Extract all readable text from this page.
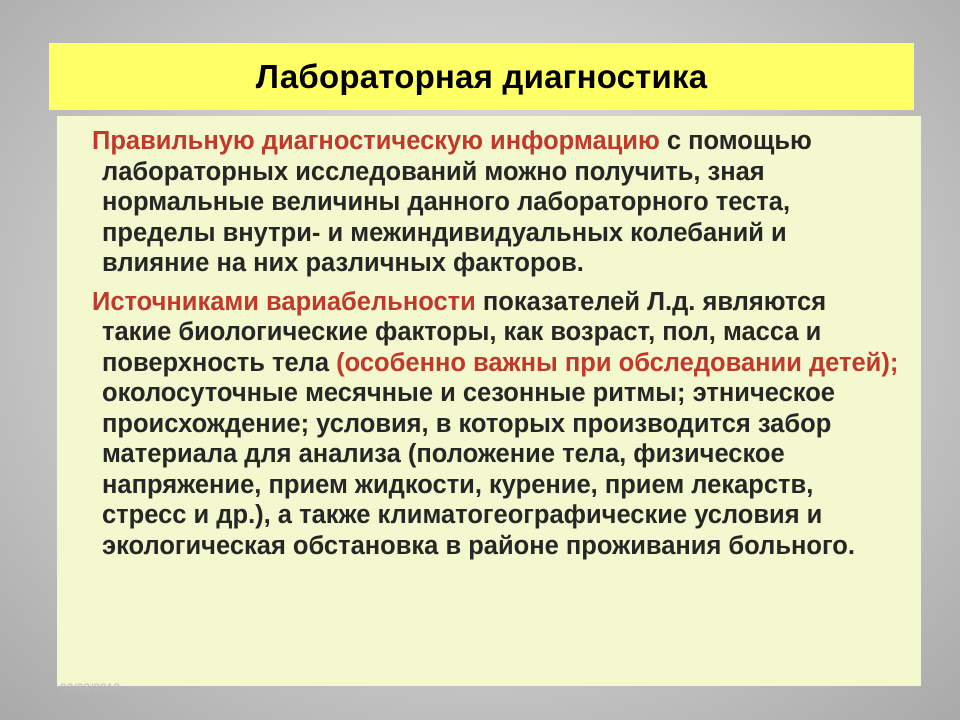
Лабораторная диагностика

Правильную диагностическую информацию с помощью лабораторных исследований можно получить, зная нормальные величины данного лабораторного теста, пределы внутри- и межиндивидуальных колебаний и влияние на них различных факторов.

Источниками вариабельности показателей Л.д. являются такие биологические факторы, как возраст, пол, масса и поверхность тела (особенно важны при обследовании детей); околосуточные месячные и сезонные ритмы; этническое происхождение; условия, в которых производится забор материала для анализа (положение тела, физическое напряжение, прием жидкости, курение, прием лекарств, стресс и др.), а также климатогеографические условия и экологическая обстановка в районе проживания больного.

02/23/2019
